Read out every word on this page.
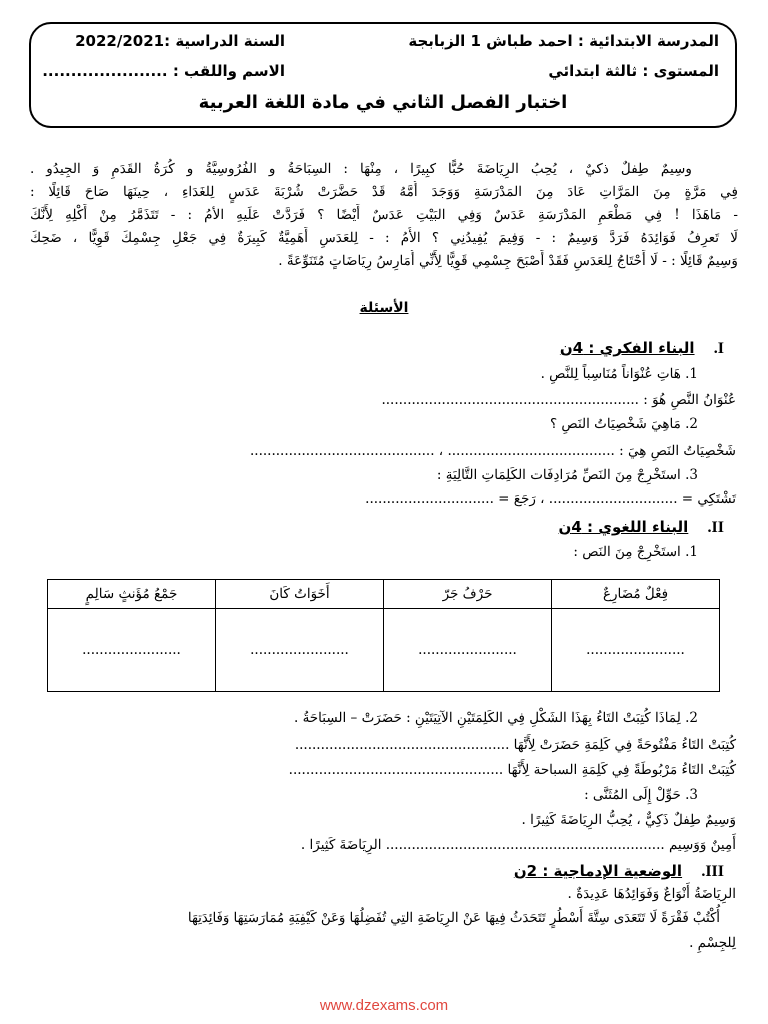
المدرسة الابتدائية : احمد طباش 1 الزبابجة
السنة الدراسية :2022/2021
المستوى : ثالثة ابتدائي
الاسم واللقب : ......................
اختبار الفصل الثاني في مادة اللغة العربية
وسِيمٌ طِفلٌ ذكيٌ ، يُحِبُ الرِيَاضَةَ حُبًّا كبِيرًا ، مِنْهَا : السِبَاحَةُ و الفُرُوسِيَّةُ و كُرَةُ القَدَمِ وَ الجِيدُو .
فِي مَرَّةٍ مِنَ المَرَّاتِ عَادَ مِنَ المَدْرَسَةِ وَوَجَدَ أُمَّهُ قَدْ حَضَّرَتْ شُرْبَةَ عَدَسٍ لِلغَدَاءِ ، حِينَهَا صَاحَ قَائِلًا :
- مَاهَذَا ! فِي مَطْعَمِ المَدْرَسَةِ عَدَسٌ وَفِي البَيْتِ عَدَسٌ أَيْضًا ؟ فَرَدَّتْ عَلَيهِ الأمُ : - تَتَذَمَّرُ مِنْ أَكْلِهِ لِأَنَّكَ
لَا تَعرِفُ فَوَائِدَهُ فَرَدَّ وَسِيمٌ : - وَفِيمَ يُفِيدُنِي ؟ الأُمُ : - لِلعَدَسِ أَهَمِيَّةٌ كَبِيرَةٌ فِي جَعْلِ جِسْمِكَ قَوِيًّا ، ضَحِكَ
وَسِيمٌ قَائِلًا : - لَا أَحْتَاجُ لِلعَدَسِ فَقَدْ أَصْبَحَ جِسْمِي قَوِيًّا لِأَنِّي أُمَارِسُ رِيَاضَاتٍ مُتَنَوِّعَةً .
الأسئلة
I. البناء الفكري : 4ن
1. هَاتِ عُنْوَاناً مُنَاسِباً لِلنَّصِ .
عُنْوَانُ النَّصِ هُوَ : ............................................................
2. مَاهِيَ شَخْصِيَاتُ النَصِ ؟
شَخْصِيَاتُ النَصِ هِيَ : ....................................... ، ...........................................
3. استَخْرِجْ مِنَ النَصِّ مُرَادِفَات الكَلِمَاتِ التَّالِيَةِ :
تَشْتَكِي = .............................. ، رَجَعَ = ..............................
II. البناء اللغوي : 4ن
1. استَخْرِجْ مِنَ النَص :
فِعْلٌ مُضَارِعٌ	حَرْفُ جَرّ	أَخَوَاتُ كَانَ	جَمْعُ مُؤَنثٍ سَالِمٍ
.......................	.......................	.......................	.......................
2. لِمَاذَا كُتِبَتْ التَاءُ بِهَذَا الشَكْلِ فِي الكَلِمَتَيْنِ الآتِيَتَيْنِ : حَضَرَتْ – السِبَاحَةُ .
كُتِبَتْ التَاءُ مَفْتُوحَةً فِي كَلِمَةِ حَضَرَتْ لِأَنَّهَا ..................................................
كُتِبَتْ التَاءُ مَرْبُوطَةً فِي كَلِمَةِ السباحة لِأَنَّهَا ..................................................
3. حَوِّلْ إِلَى المُثَنَّى :
وَسِيمٌ طِفلٌ ذَكِيٌّ ، يُحِبُّ الرِيَاضَةَ كَثِيرًا .
أَمِينٌ وَوَسِيم ................................................................. الرِيَاضَةَ كَثِيرًا .
III. الوضعية الإدماجية : 2ن
الرِيَاضَةُ أَنْوَاعٌ وَفَوَائِدُهَا عَدِيدَةٌ .
أُكْتُبْ فَقْرَةً لَا تَتَعَدَى سِتَّةَ أَسْطُرٍ تَتَحَدَثُ فِيهَا عَنْ الرِيَاضَةِ التِي تُفَضِلُهَا وَعَنْ كَيْفِيَةِ مُمَارَسَتِهَا وَفَائِدَتِهَا
لِلجِسْمِ .
www.dzexams.com
